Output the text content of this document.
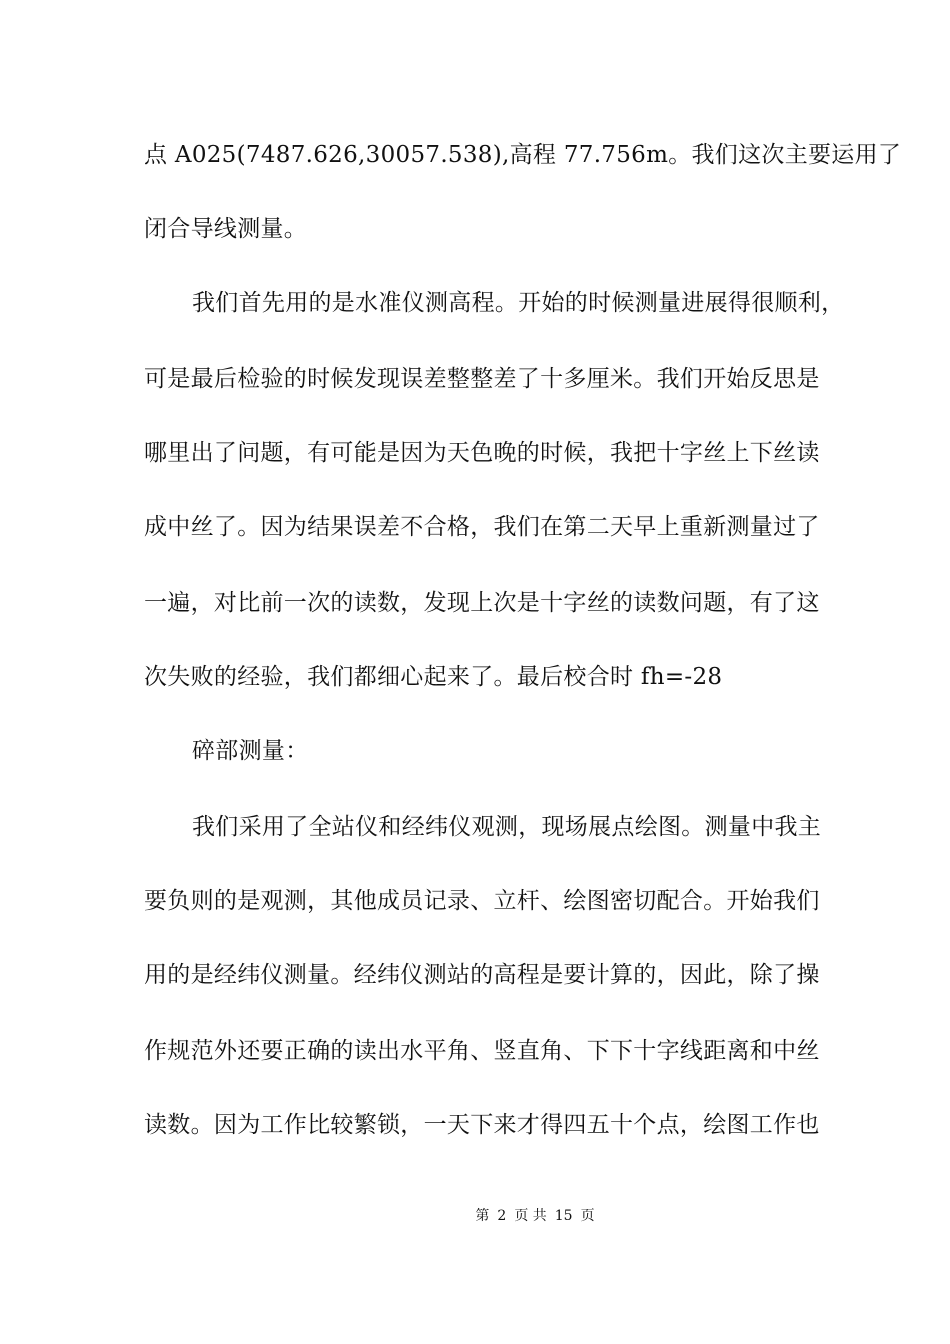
点 A025(7487.626,30057.538),高程 77.756m。我们这次主要运用了
闭合导线测量。
我们首先用的是水准仪测高程。开始的时候测量进展得很顺利，
可是最后检验的时候发现误差整整差了十多厘米。我们开始反思是
哪里出了问题，有可能是因为天色晚的时候，我把十字丝上下丝读
成中丝了。因为结果误差不合格，我们在第二天早上重新测量过了
一遍，对比前一次的读数，发现上次是十字丝的读数问题，有了这
次失败的经验，我们都细心起来了。最后校合时 fh=-28
碎部测量：
我们采用了全站仪和经纬仪观测，现场展点绘图。测量中我主
要负则的是观测，其他成员记录、立杆、绘图密切配合。开始我们
用的是经纬仪测量。经纬仪测站的高程是要计算的，因此，除了操
作规范外还要正确的读出水平角、竖直角、下下十字线距离和中丝
读数。因为工作比较繁锁，一天下来才得四五十个点，绘图工作也
第 2 页 共 15 页
